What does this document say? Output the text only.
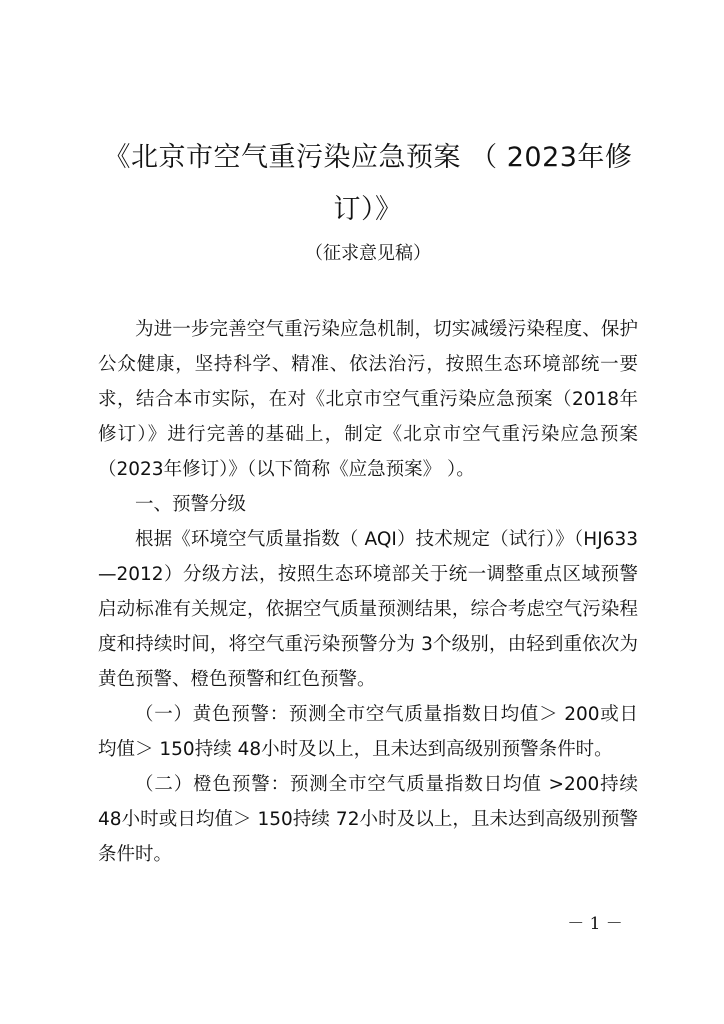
《北京市空气重污染应急预案 （ 2023年修
订）》
（征求意见稿）

为进一步完善空气重污染应急机制，切实减缓污染程度、保护公众健康，坚持科学、精准、依法治污，按照生态环境部统一要求，结合本市实际，在对《北京市空气重污染应急预案（2018年修订）》进行完善的基础上，制定《北京市空气重污染应急预案（2023年修订）》（以下简称《应急预案》 ）。

一、预警分级

根据《环境空气质量指数（ AQI）技术规定（试行）》（HJ633—2012）分级方法，按照生态环境部关于统一调整重点区域预警启动标准有关规定，依据空气质量预测结果，综合考虑空气污染程度和持续时间，将空气重污染预警分为 3个级别，由轻到重依次为黄色预警、橙色预警和红色预警。

（一）黄色预警：预测全市空气质量指数日均值＞ 200或日均值＞ 150持续 48小时及以上，且未达到高级别预警条件时。

（二）橙色预警：预测全市空气质量指数日均值 >200持续 48小时或日均值＞ 150持续 72小时及以上，且未达到高级别预警条件时。

－ 1 －
